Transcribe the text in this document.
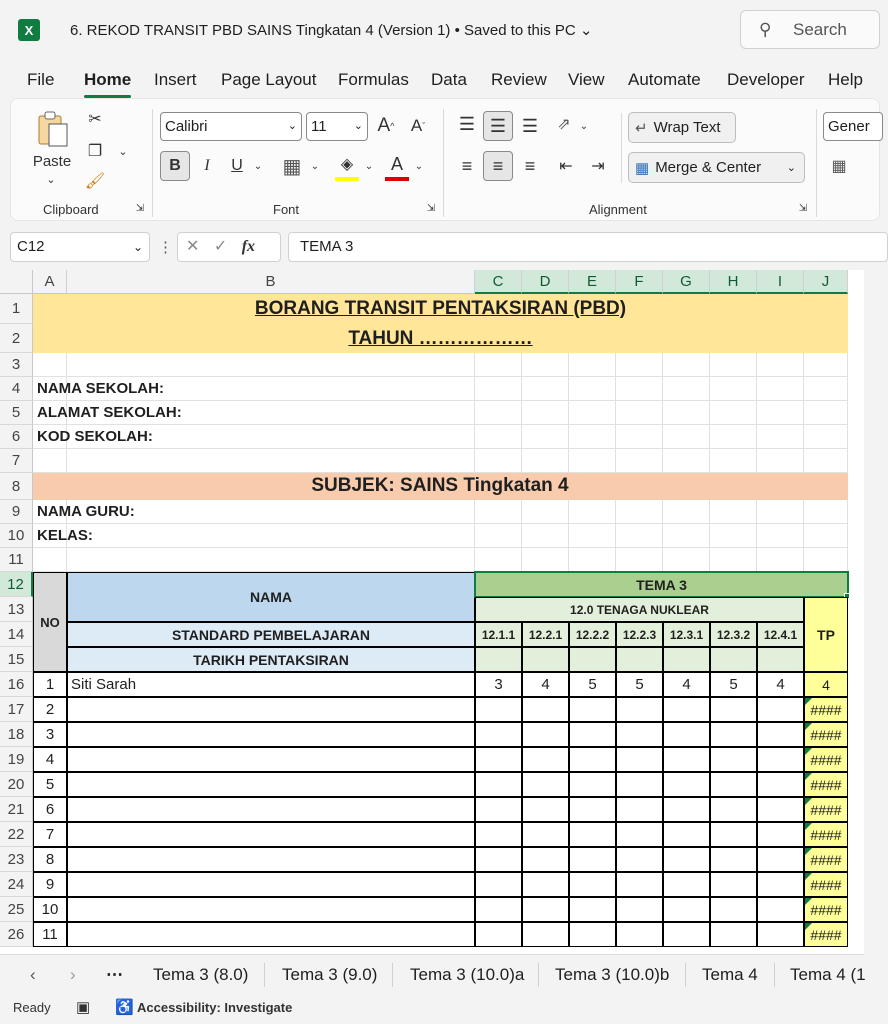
X	6. REKOD TRANSIT PBD SAINS Tingkatan 4 (Version 1) • Saved to this PC ⌄	⚲ Search
File Home Insert Page Layout Formulas Data Review View Automate Developer Help
Paste
⌄
✂
❐	⌄
🖌
Clipboard	⇲
Calibri	⌄ 11 ⌄ A ^ A ˇ
B	I	U	⌄ ▦ ⌄	◈	⌄ A	⌄
Font	⇲
☰ ☰ ☰	⇗ ⌄
≡	≡	≡	⇤	⇥
↵ Wrap Text
▦ Merge & Center ⌄
Alignment	⇲
Gener
▦
C12	⌄ ⋮ ✕ ✓ fx	TEMA 3
A	B	C	D	E	F	G	H	I	J
1
2
3
4
5
6
7
8
9
10
11
12
13
14
15
16
17
18
19
20
21
22
23
24
25
26
BORANG TRANSIT PENTAKSIRAN (PBD)
TAHUN ………………
NAMA SEKOLAH:
ALAMAT SEKOLAH:
KOD SEKOLAH:
SUBJEK: SAINS Tingkatan 4
NAMA GURU:
KELAS:
NO
NAMA
STANDARD PEMBELAJARAN
TARIKH PENTAKSIRAN
TEMA 3
12.0 TENAGA NUKLEAR
TP
12.1.1	12.2.1	12.2.2	12.2.3	12.3.1	12.3.2	12.4.1
1	Siti Sarah	3	4	5	5	4	5	4	4
2	####
3	####
4	####
5	####
6	####
7	####
8	####
9	####
10	####
11	####
‹ › ⋯ Tema 3 (8.0) Tema 3 (9.0) Tema 3 (10.0)a Tema 3 (10.0)b Tema 4 Tema 4 (1
Ready ▣ ♿ Accessibility: Investigate
